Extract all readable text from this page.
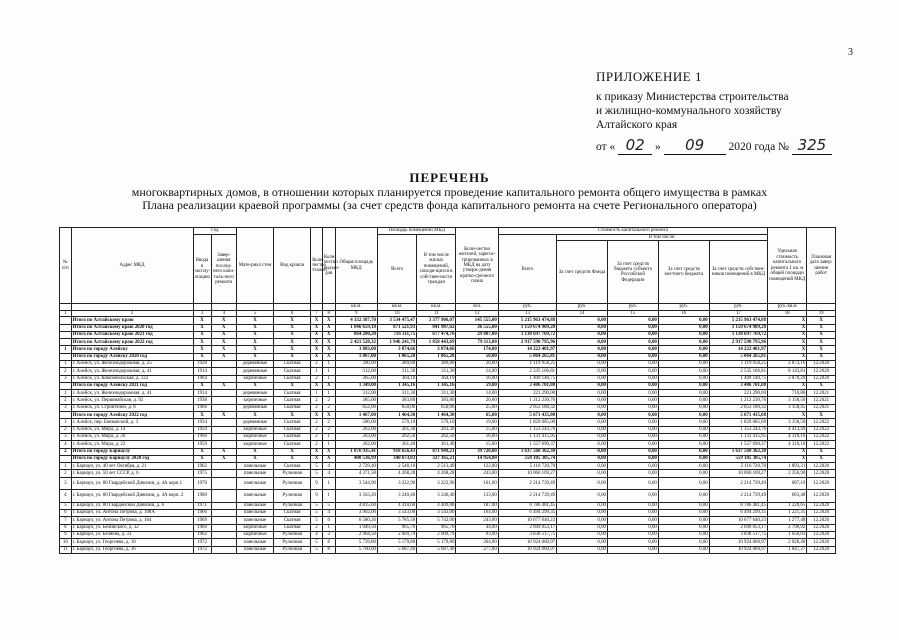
3
ПРИЛОЖЕНИЕ 1
к приказу Министерства строительства
и жилищно-коммунального хозяйству
Алтайского края
от « 02 » 09 2020 года № 325
ПЕРЕЧЕНЬ
многоквартирных домов, в отношении которых планируется проведение капитального ремонта общего имущества в рамках
Плана реализации краевой программы (за счет средств фонда капитального ремонта на счете Регионального оператора)
№ п/п	Адрес МКД	Год		Мате-риал стен	Вид кровли	Коли-чество этажей	Коли-чество подъез-дов	Общая площадь МКД	Площадь помещений МКД		Коли-чество жителей, зарегис-трированных в МКД на дату утверж-дения кратко-срочного плана	Стоимость капитального ремонта					Удельная стоимость капитального ремонта 1 кв. м общей площади помещений МКД	Плановая дата завер-шения работ
		Ввода в эксплу-атацию	Завер-шения послед-него капи-таль-ного ремонта						Всего	В том числе жилых помещений, находя-щихся в собствен-ности граждан		Всего	В том числе:					
													За счет средств Фонда	За счет средств бюджета субъекта Российской Федерации	За счет средств местного бюджета	За счет средств собствен-ников помещений в МКД		
								кв.м.	кв.м.	кв.м.	чел.	руб.	руб.	руб.	руб.	руб.	руб./кв.м	
1	2	3	4	5	6	7	8	9	10	11	12	13	14	15	16	17	18	19
	Итого по Алтайскому краю	X	X	X	X	X	X	4 332 387,70	3 534 475,47	3 377 906,07	145 555,00	5 215 963 474,88	0,00	0,00	0,00	5 215 963 474,88	X	X
	Итого по Алтайскому краю 2020 год	X	X	X	X	X	X	1 046 659,18	871 521,93	841 987,62	36 555,00	1 159 674 909,20	0,00	0,00	0,00	1 159 674 909,20	X	X
	Итого по Алтайскому краю 2021 год	X	X	X	X	X	X	864 200,20	716 311,75	677 474,76	29 887,00	1 138 697 769,72	0,00	0,00	0,00	1 138 697 769,72	X	X
	Итого по Алтайскому краю 2022 год	X	X	X	X	X	X	2 421 528,32	1 946 241,79	1 858 443,69	79 113,00	2 917 590 795,96	0,00	0,00	0,00	2 917 590 795,96	X	X
1	Итого по городу Алейску	X	X	X	X	X	X	3 883,00	3 874,66	3 874,66	174,00	14 222 401,97	0,00	0,00	0,00	14 222 401,97	X	X
	Итого по городу Алейску 2020 год	X	X	X	X	X	X	1 067,00	1 065,20	1 065,20	50,00	5 064 265,81	0,00	0,00	0,00	5 064 265,81	X	X
1	г. Алейск, ул. Железнодорожная, д. 25	1928		деревянные	Скатная	2	1	390,00	389,80	389,80	20,00	1 119 958,25	0,00	0,00	0,00	1 119 958,25	2 873,16	12.2020
2	г. Алейск, ул. Железнодорожная, д. 41	1914		деревянные	Скатная	1	1	312,00	311,30	311,30	14,00	2 535 166,81	0,00	0,00	0,00	2 535 166,81	8 143,81	12.2020
3	г. Алейск, ул. Комсомольская, д. 122	1964		кирпичные	Скатная	2	1	365,00	364,10	364,10	16,00	1 409 140,75	0,00	0,00	0,00	1 409 140,75	3 870,20	12.2020
	Итого по городу Алейску 2021 год	X	X	X	X	X	X	1 349,00	1 345,16	1 345,16	59,00	3 486 701,08	0,00	0,00	0,00	3 486 701,08	X	X
1	г. Алейск, ул. Железнодорожная, д. 41	1914		деревянные	Скатная	1	1	312,00	311,30	311,30	14,00	221 290,00	0,00	0,00	0,00	221 290,00	710,86	12.2021
2	г. Алейск, ул. Первомайская, д. 92	1938		кирпичные	Скатная	2	2	385,00	383,80	383,80	20,00	1 212 230,76	0,00	0,00	0,00	1 212 230,76	3 158,50	12.2021
3	г. Алейск, ул. Строителей, д. 8	1966		деревянные	Скатная	2	2	652,00	650,06	650,06	25,00	2 053 180,32	0,00	0,00	0,00	2 053 180,32	3 158,45	12.2021
	Итого по городу Алейску 2022 год	X	X	X	X	X	X	1 467,00	1 464,30	1 464,30	65,00	5 671 435,08	0,00	0,00	0,00	5 671 435,08	X	X
1	г. Алейск, пер. Банковский, д. 3	1934		деревянные	Скатная	2	2	580,00	579,10	579,10	19,00	1 829 085,00	0,00	0,00	0,00	1 829 085,00	3 158,50	12.2022
2	г. Алейск, ул. Мира, д. 14	1959		кирпичные	Скатная	2	2	262,00	261,30	261,30	15,00	1 153 243,76	0,00	0,00	0,00	1 153 243,76	4 413,49	12.2022
3	г. Алейск, ул. Мира, д. 20	1960		кирпичные	Скатная	2	1	263,00	262,50	262,50	16,00	1 131 415,95	0,00	0,00	0,00	1 131 415,95	4 310,16	12.2022
4	г. Алейск, ул. Мира, д. 22	1959		кирпичные	Скатная	2	1	362,00	361,40	361,40	15,00	1 557 690,37	0,00	0,00	0,00	1 557 690,37	4 310,16	12.2022
2	Итого по городу Барнаулу	X	X	X	X	X	X	1 076 935,41	918 656,43	871 949,21	39 720,00	1 637 560 362,30	0,00	0,00	0,00	1 637 560 362,30	X	X
	Итого по городу Барнаулу 2020 год	X	X	X	X	X	X	400 536,99	340 673,83	327 165,21	14 954,00	559 105 305,74	0,00	0,00	0,00	559 105 305,74	X	X
1	г. Барнаул, ул. 40 лет Октября, д. 21	1962		панельные	Скатная	5	4	2 729,40	2 548,10	2 513,40	122,00	5 116 720,70	0,00	0,00	0,00	5 116 720,70	1 893,31	12.2020
2	г. Барнаул, ул. 50 лет СССР, д. 6	1975		панельные	Рулонная	5	4	4 371,58	4 268,28	4 268,28	243,00	10 060 169,27	0,00	0,00	0,00	10 060 169,27	2 356,90	12.2020
3	г. Барнаул, ул. 80 Гвардейской Дивизии, д. 4А корп.1	1979		панельные	Рулонная	9	1	3 544,90	3 222,90	3 222,90	161,00	2 214 739,49	0,00	0,00	0,00	2 214 739,49	687,19	12.2020
4	г. Барнаул, ул. 80 Гвардейской Дивизии, д. 4А корп. 2	1980		панельные	Рулонная	9	1	3 563,20	3 240,40	3 240,40	133,00	2 214 739,49	0,00	0,00	0,00	2 214 739,49	683,48	12.2020
5	г. Барнаул, ул. 80 Гвардейской Дивизии, д. 6	1971		панельные	Рулонная	5	5	4 815,60	4 410,60	4 409,00	187,00	8 786 481,45	0,00	0,00	0,00	8 786 481,45	1 220,65	12.2020
6	г. Барнаул, ул. Антона Петрова, д. 108А	1966		панельные	Скатная	5	4	3 902,00	3 543,00	3 543,00	164,00	6 494 299,35	0,00	0,00	0,00	6 494 299,35	1 221,35	12.2020
7	г. Барнаул, ул. Антона Петрова, д. 164	1969		панельные	Скатная	5	6	6 580,26	5 785,50	5 742,00	243,00	10 677 640,23	0,00	0,00	0,00	10 677 640,23	1 277,48	12.2020
8	г. Барнаул, ул. Белинского, д. 32	1960		кирпичные	Скатная	2	1	1 049,50	965,70	965,70	44,00	2 699 053,17	0,00	0,00	0,00	2 699 053,17	2 796,92	12.2020
9	г. Барнаул, ул. Беляева, д. 33	1962		кирпичные	Рулонная	4	3	2 964,50	2 009,79	2 009,79	93,00	3 838 517,75	0,00	0,00	0,00	3 838 517,75	1 656,03	12.2020
10	г. Барнаул, ул. Георгиева, д. 10	1972		панельные	Рулонная	5	8	5 739,80	5 179,80	5 179,80	264,00	10 924 060,97	0,00	0,00	0,00	10 924 060,97	2 028,40	12.2020
11	г. Барнаул, ул. Георгиева, д. 16	1972		панельные	Рулонная	5	8	5 760,60	5 687,40	5 687,40	277,00	10 924 060,97	0,00	0,00	0,00	10 924 060,97	1 847,37	12.2020
